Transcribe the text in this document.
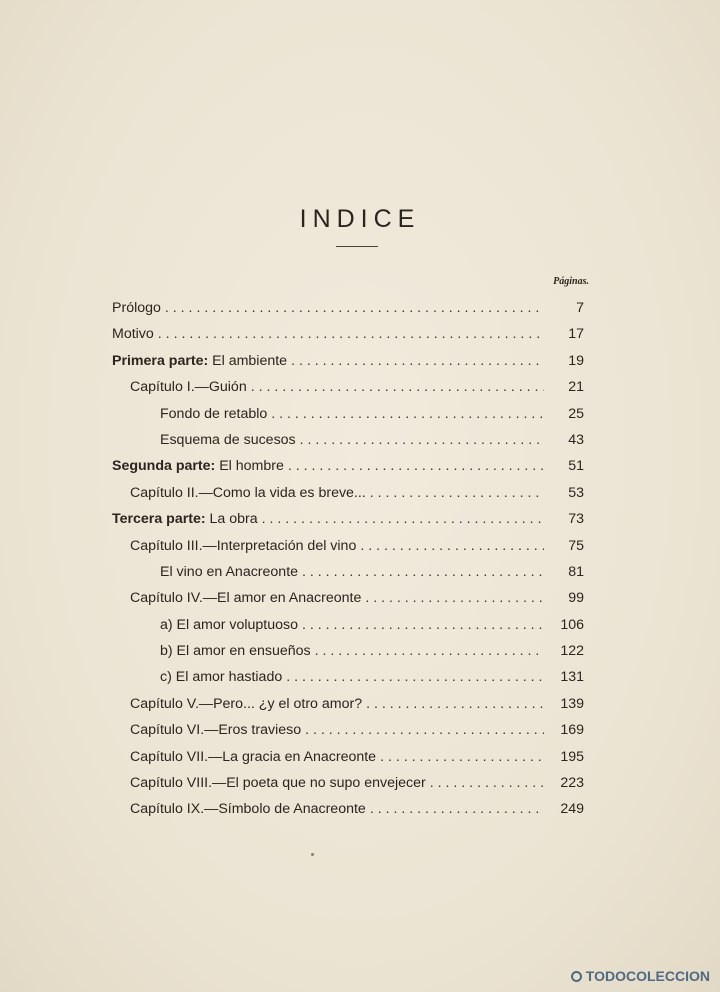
INDICE
Páginas.
Prólogo . . .	7
Motivo . . .	17
Primera parte: El ambiente . . .	19
Capítulo I.—Guión . . .	21
Fondo de retablo . . .	25
Esquema de sucesos . . .	43
Segunda parte: El hombre . . .	51
Capítulo II.—Como la vida es breve... . . .	53
Tercera parte: La obra . . .	73
Capítulo III.—Interpretación del vino . . .	75
El vino en Anacreonte . . .	81
Capítulo IV.—El amor en Anacreonte . . .	99
a) El amor voluptuoso . . .	106
b) El amor en ensueños . . .	122
c) El amor hastiado . . .	131
Capítulo V.—Pero... ¿y el otro amor? . . .	139
Capítulo VI.—Eros travieso . . .	169
Capítulo VII.—La gracia en Anacreonte . . .	195
Capítulo VIII.—El poeta que no supo envejecer . . .	223
Capítulo IX.—Símbolo de Anacreonte . . .	249
TODOCOLECCION
